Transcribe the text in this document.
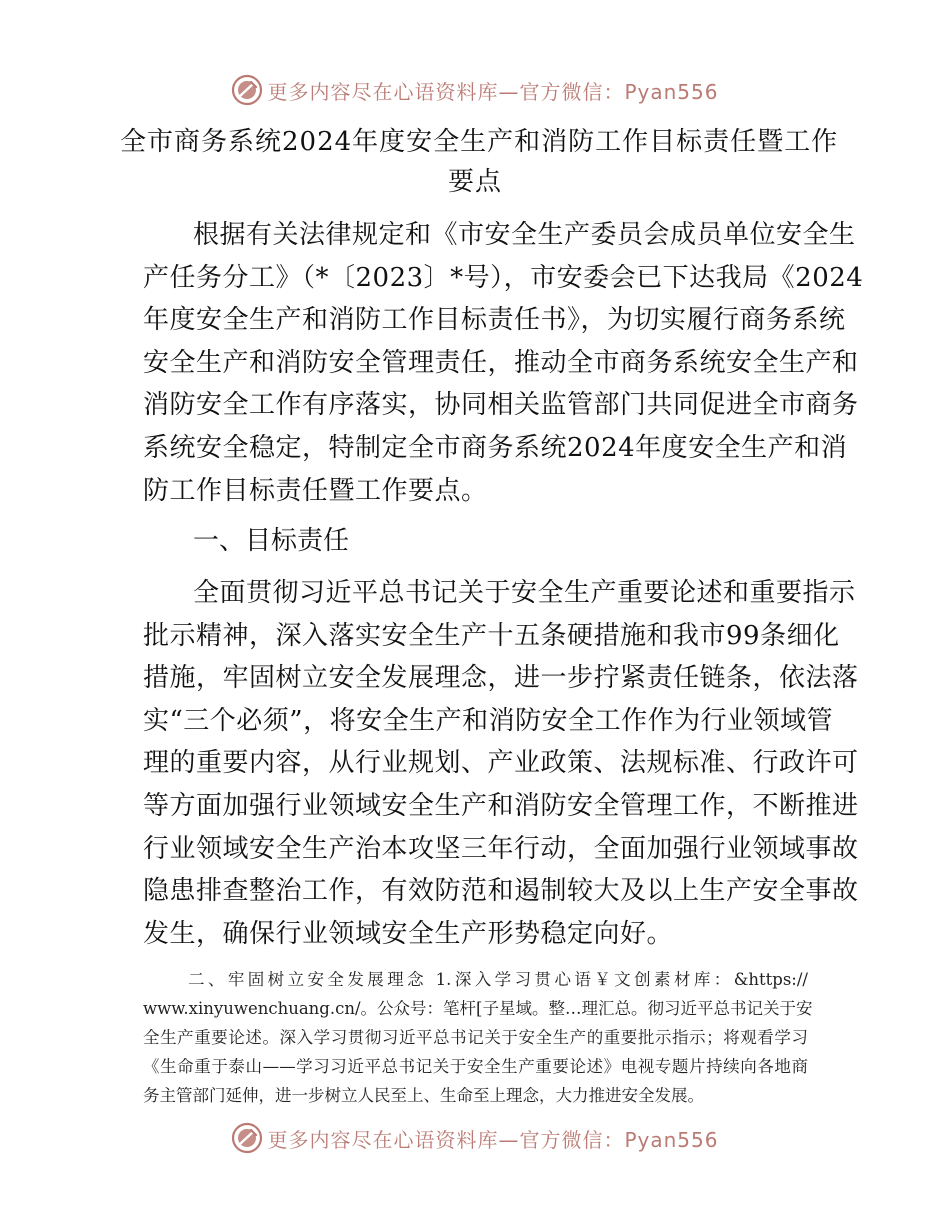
更多内容尽在心语资料库—官方微信：Pyan556
全市商务系统2024年度安全生产和消防工作目标责任暨工作
要点
根据有关法律规定和《市安全生产委员会成员单位安全生
产任务分工》（*〔2023〕*号），市安委会已下达我局《2024
年度安全生产和消防工作目标责任书》，为切实履行商务系统
安全生产和消防安全管理责任，推动全市商务系统安全生产和
消防安全工作有序落实，协同相关监管部门共同促进全市商务
系统安全稳定，特制定全市商务系统2024年度安全生产和消
防工作目标责任暨工作要点。
一、目标责任
全面贯彻习近平总书记关于安全生产重要论述和重要指示
批示精神，深入落实安全生产十五条硬措施和我市99条细化
措施，牢固树立安全发展理念，进一步拧紧责任链条，依法落
实“三个必须”，将安全生产和消防安全工作作为行业领域管
理的重要内容，从行业规划、产业政策、法规标准、行政许可
等方面加强行业领域安全生产和消防安全管理工作，不断推进
行业领域安全生产治本攻坚三年行动，全面加强行业领域事故
隐患排查整治工作，有效防范和遏制较大及以上生产安全事故
发生，确保行业领域安全生产形势稳定向好。
二、牢固树立安全发展理念 1.深入学习贯心语￥文创素材库：&https://
www.xinyuwenchuang.cn/。公众号：笔杆[子星域。整…理汇总。彻习近平总书记关于安
全生产重要论述。深入学习贯彻习近平总书记关于安全生产的重要批示指示；将观看学习
《生命重于泰山——学习习近平总书记关于安全生产重要论述》电视专题片持续向各地商
务主管部门延伸，进一步树立人民至上、生命至上理念，大力推进安全发展。
更多内容尽在心语资料库—官方微信：Pyan556
